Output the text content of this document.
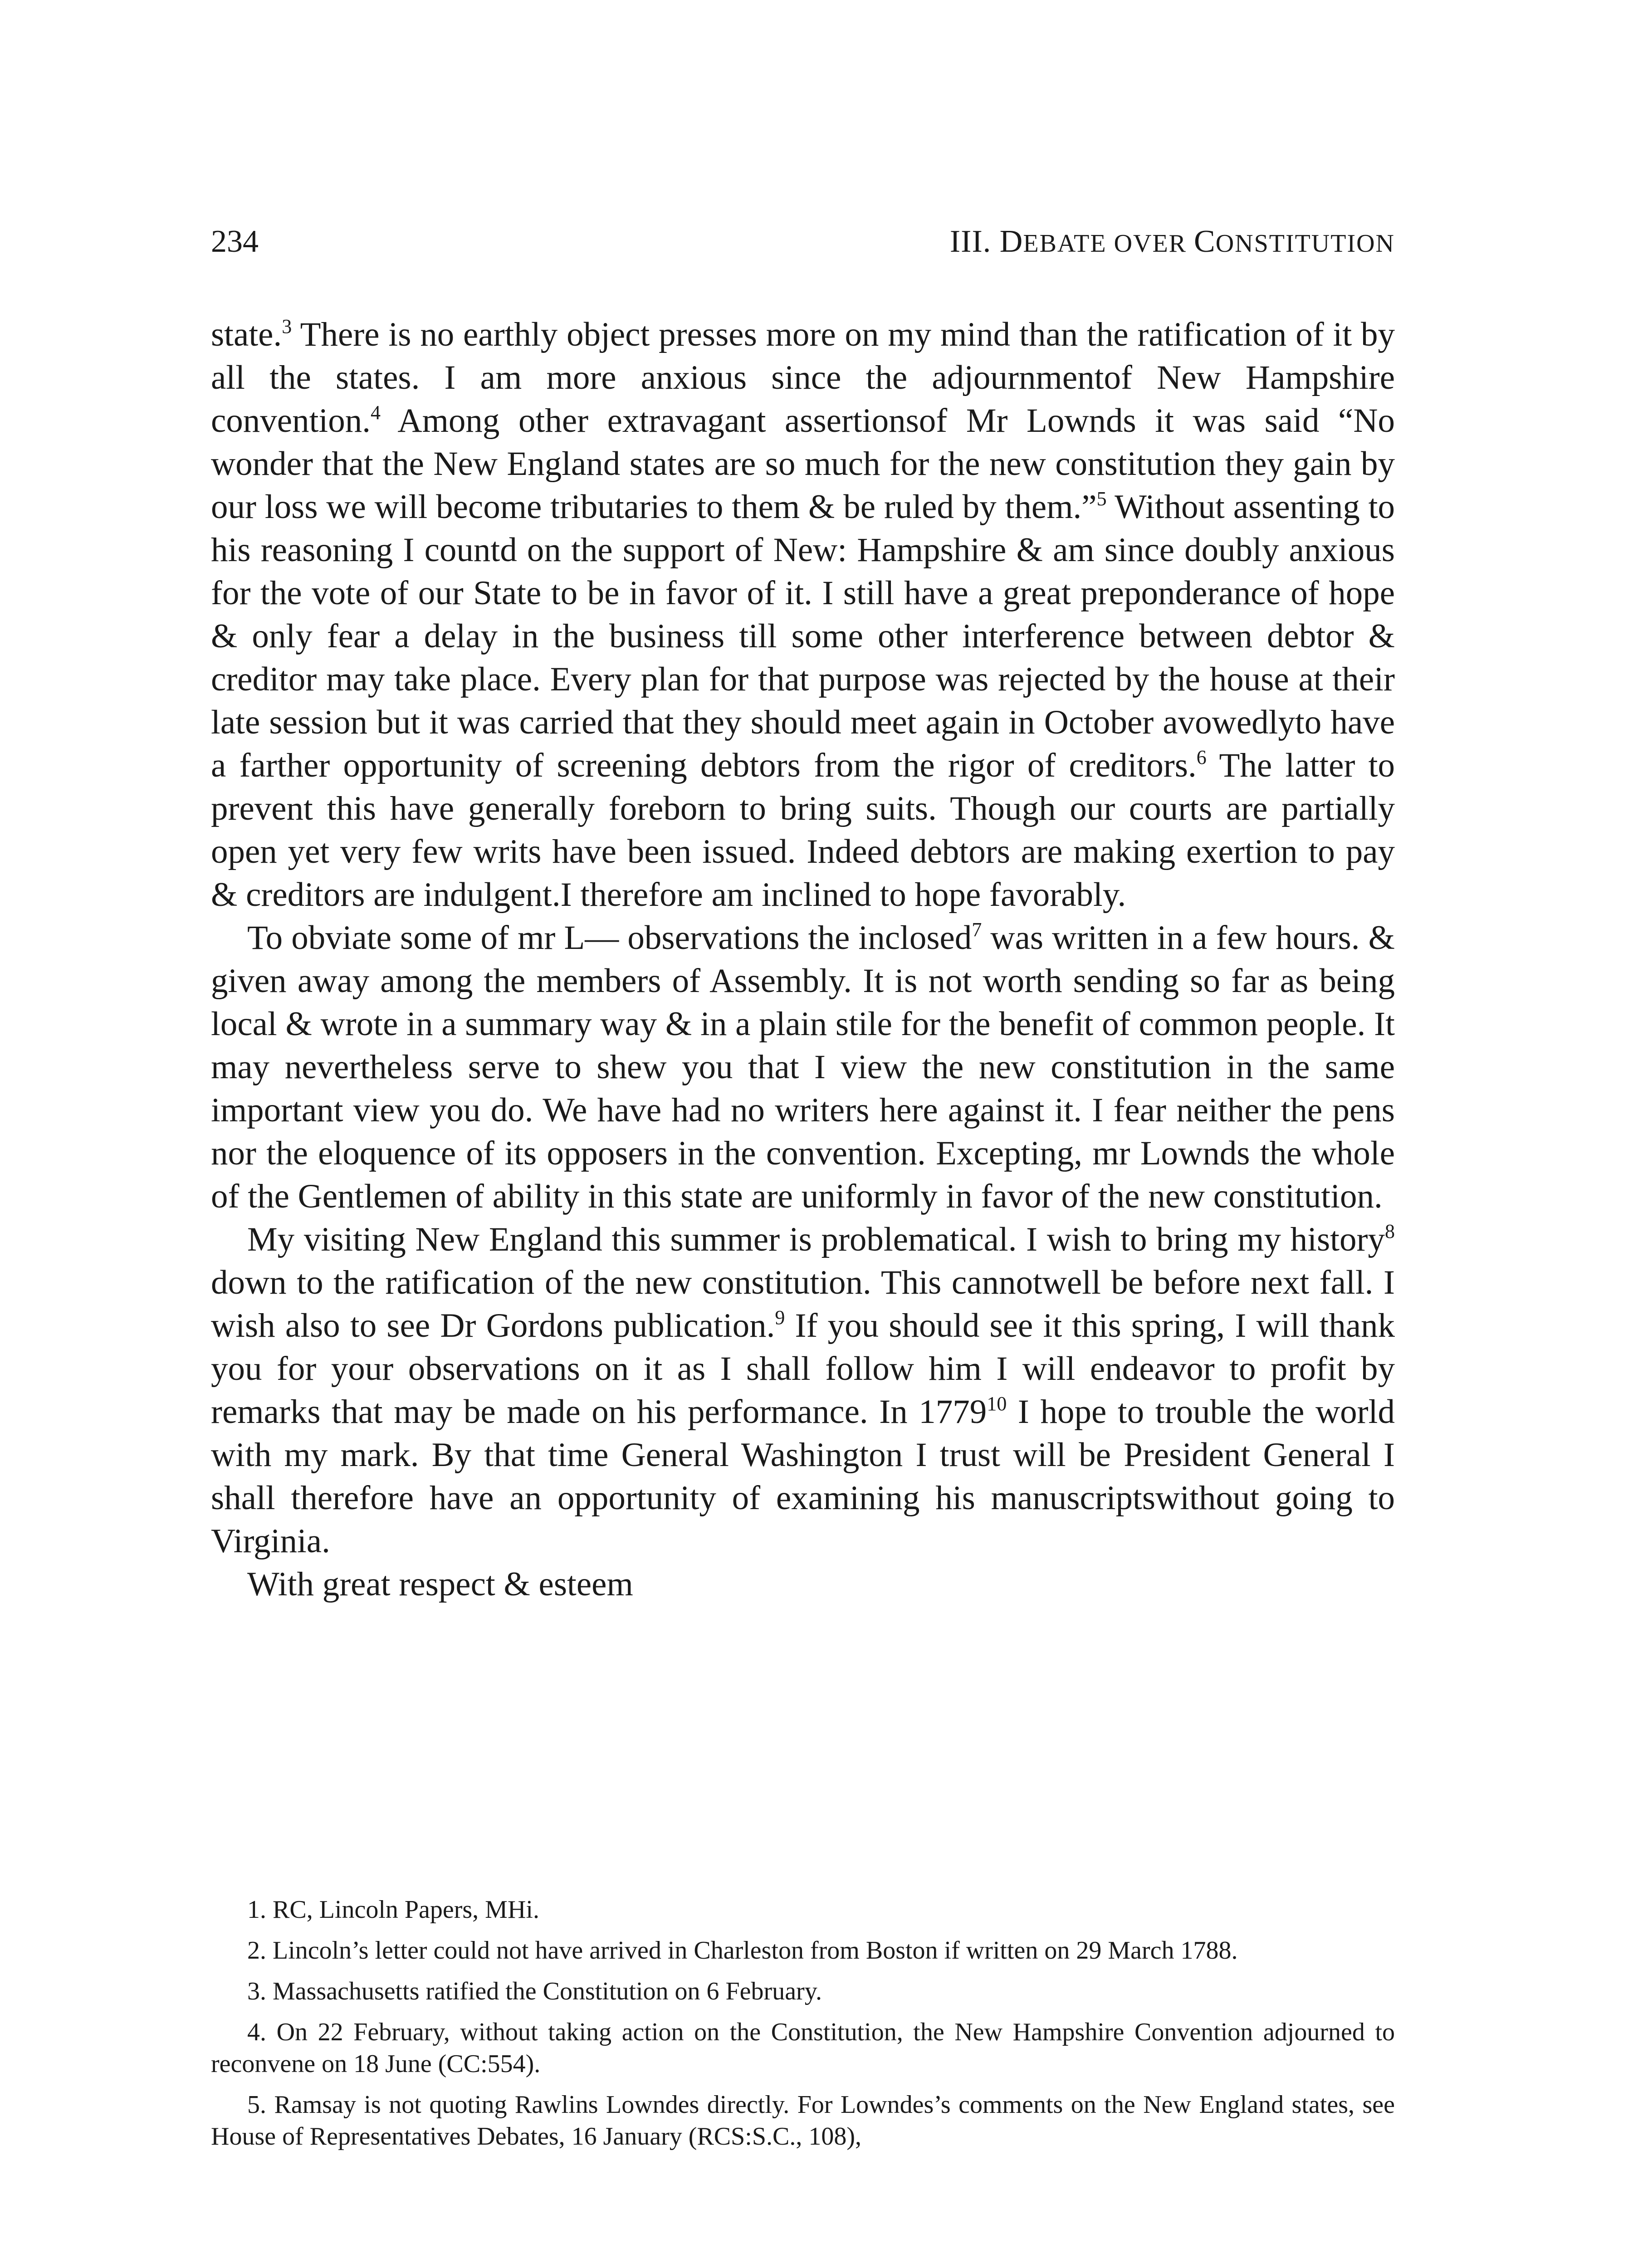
234	III. DEBATE OVER CONSTITUTION

state.$^3$ There is no earthly object presses more on my mind than the ratification of it by all the states. I am more anxious since the adjournmentof New Hampshire convention.$^4$ Among other extravagant assertionsof Mr Lownds it was said “No wonder that the New England states are so much for the new constitution they gain by our loss we will become tributaries to them & be ruled by them.”$^5$ Without assenting to his reasoning I countd on the support of New: Hampshire & am since doubly anxious for the vote of our State to be in favor of it. I still have a great preponderance of hope & only fear a delay in the business till some other interference between debtor & creditor may take place. Every plan for that purpose was rejected by the house at their late session but it was carried that they should meet again in October avowedlyto have a farther opportunity of screening debtors from the rigor of creditors.$^6$ The latter to prevent this have generally foreborn to bring suits. Though our courts are partially open yet very few writs have been issued. Indeed debtors are making exertion to pay & creditors are indulgent.I therefore am inclined to hope favorably.

To obviate some of mr L— observations the inclosed$^7$ was written in a few hours. & given away among the members of Assembly. It is not worth sending so far as being local & wrote in a summary way & in a plain stile for the benefit of common people. It may nevertheless serve to shew you that I view the new constitution in the same important view you do. We have had no writers here against it. I fear neither the pens nor the eloquence of its opposers in the convention. Excepting, mr Lownds the whole of the Gentlemen of ability in this state are uniformly in favor of the new constitution.

My visiting New England this summer is problematical. I wish to bring my history$^8$ down to the ratification of the new constitution. This cannotwell be before next fall. I wish also to see Dr Gordons publication.$^9$ If you should see it this spring, I will thank you for your observations on it as I shall follow him I will endeavor to profit by remarks that may be made on his performance. In 1779$^{10}$ I hope to trouble the world with my mark. By that time General Washington I trust will be President General I shall therefore have an opportunity of examining his manuscriptswithout going to Virginia.

With great respect & esteem

1. RC, Lincoln Papers, MHi.

2. Lincoln’s letter could not have arrived in Charleston from Boston if written on 29 March 1788.

3. Massachusetts ratified the Constitution on 6 February.

4. On 22 February, without taking action on the Constitution, the New Hampshire Convention adjourned to reconvene on 18 June (CC:554).

5. Ramsay is not quoting Rawlins Lowndes directly. For Lowndes’s comments on the New England states, see House of Representatives Debates, 16 January (RCS:S.C., 108),
